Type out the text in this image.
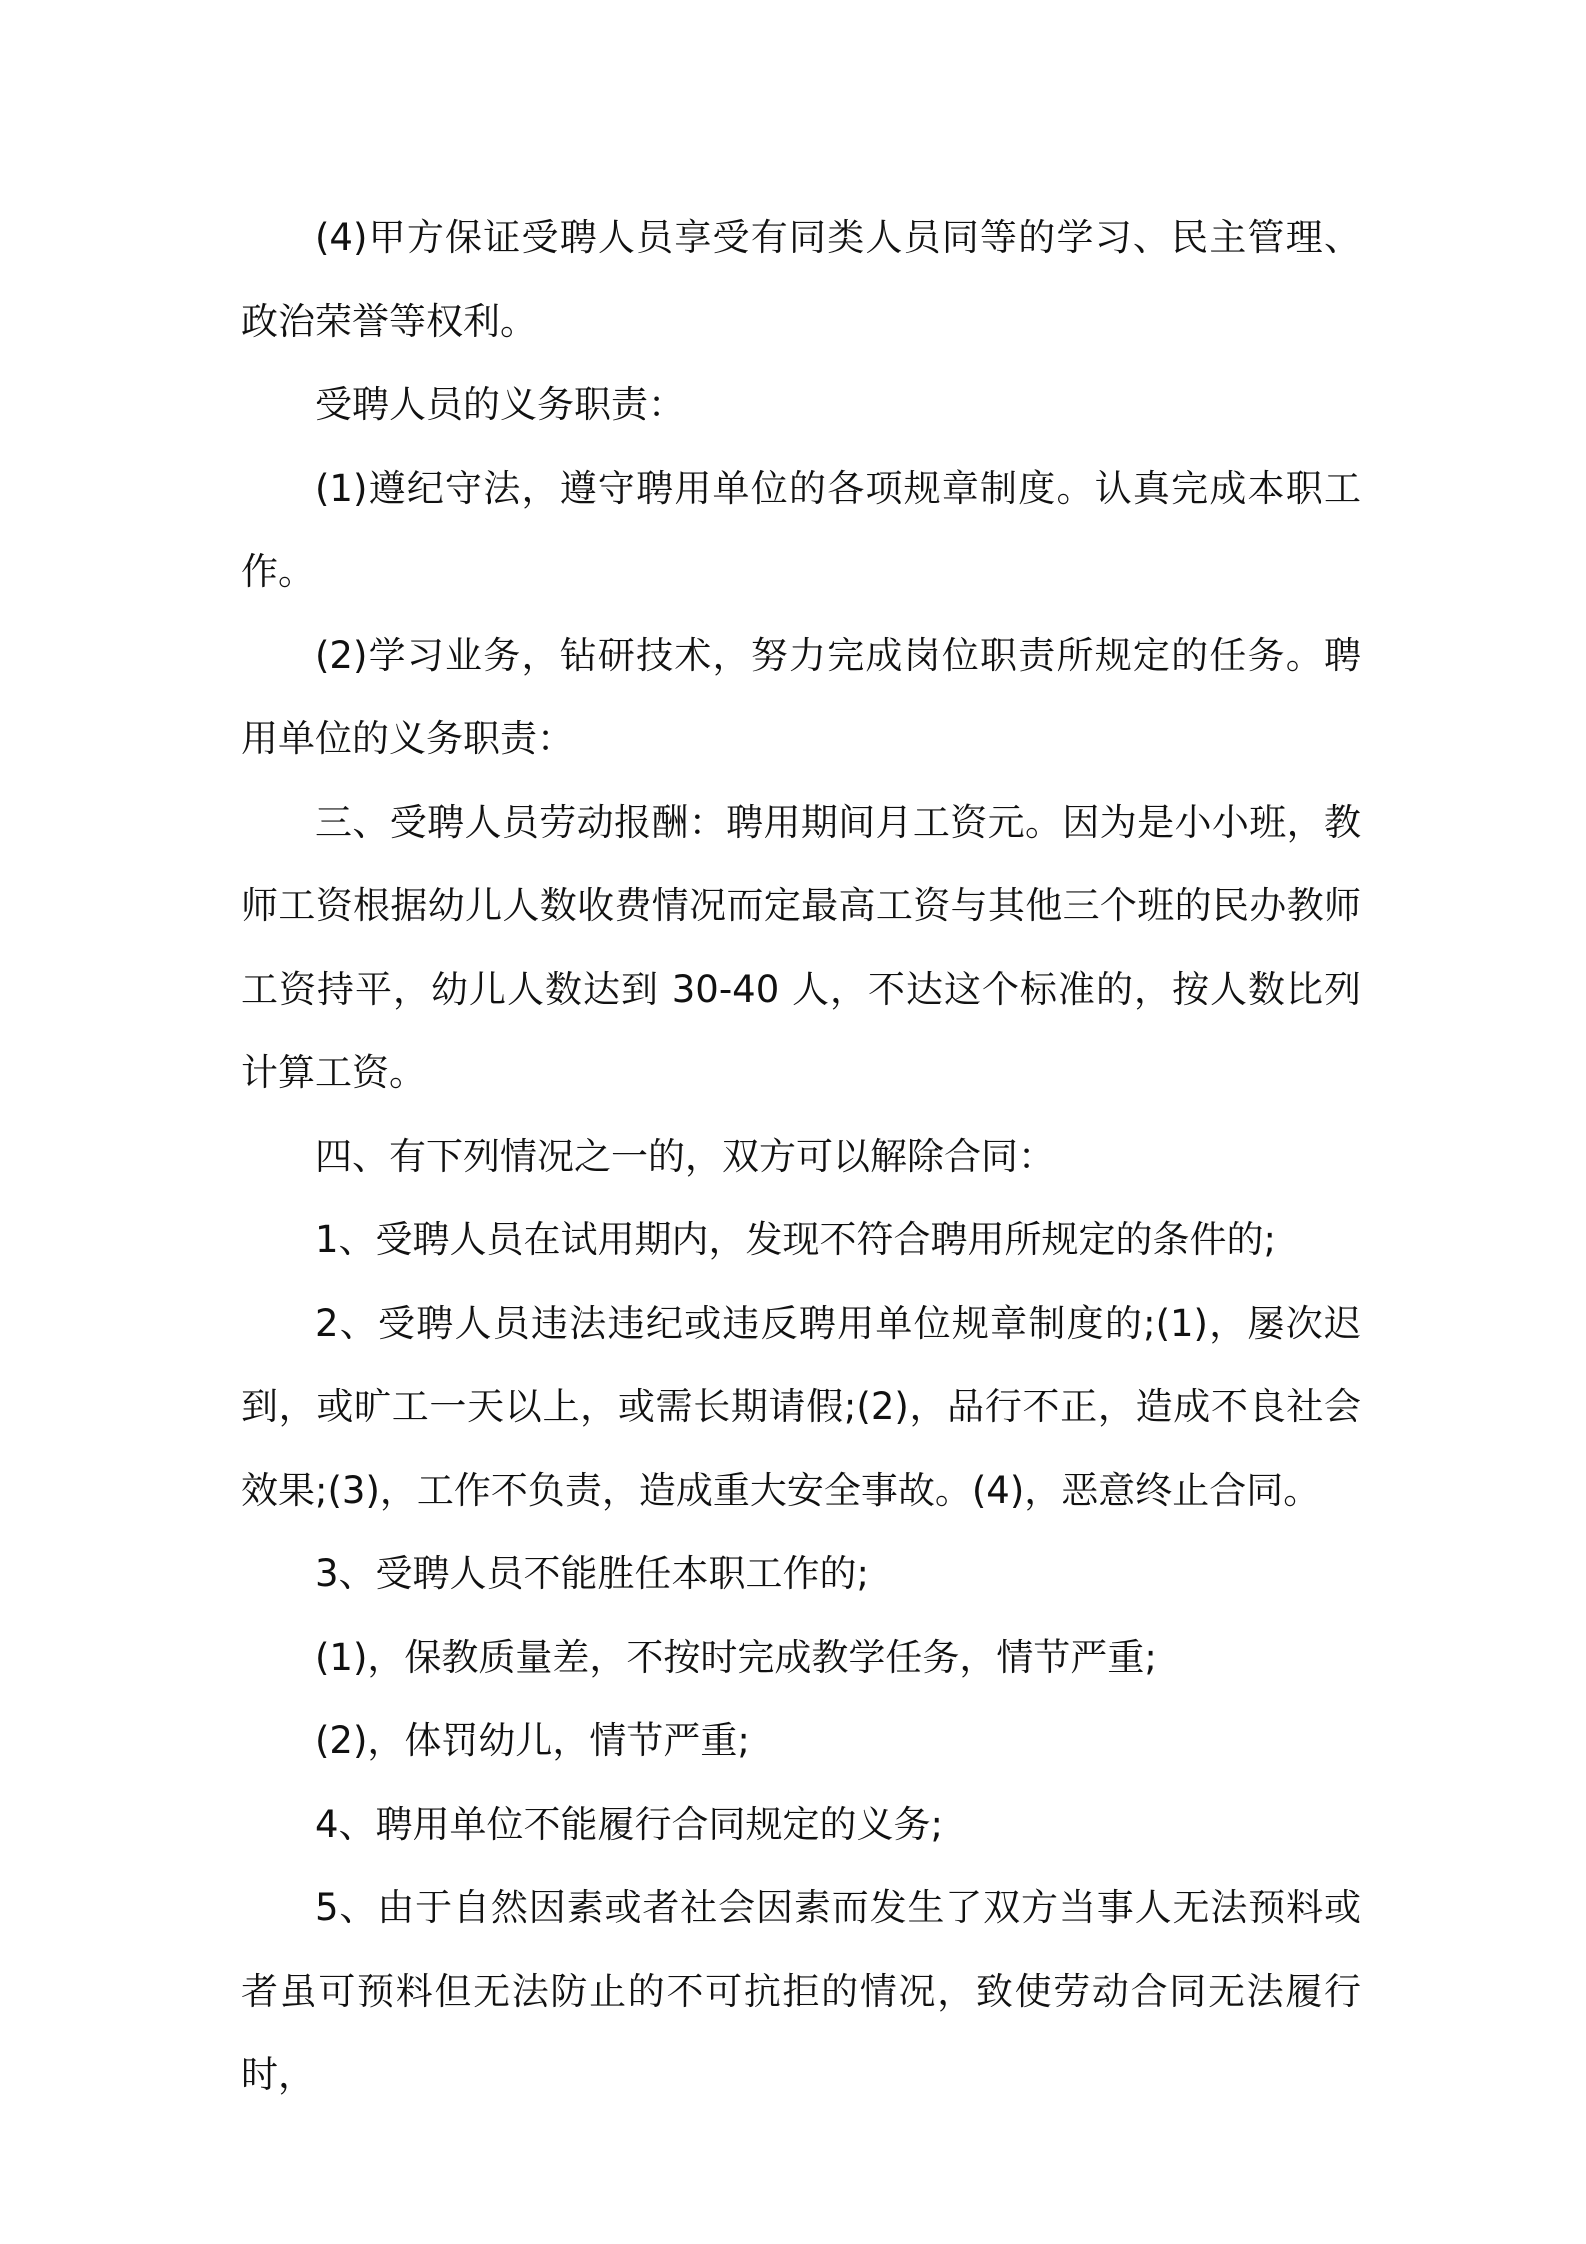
(4)甲方保证受聘人员享受有同类人员同等的学习、民主管理、政治荣誉等权利。

受聘人员的义务职责：

(1)遵纪守法，遵守聘用单位的各项规章制度。认真完成本职工作。

(2)学习业务，钻研技术，努力完成岗位职责所规定的任务。聘用单位的义务职责：

三、受聘人员劳动报酬：聘用期间月工资元。因为是小小班，教师工资根据幼儿人数收费情况而定最高工资与其他三个班的民办教师工资持平，幼儿人数达到 30-40 人，不达这个标准的，按人数比列计算工资。

四、有下列情况之一的，双方可以解除合同：

1、受聘人员在试用期内，发现不符合聘用所规定的条件的;

2、受聘人员违法违纪或违反聘用单位规章制度的;(1)，屡次迟到，或旷工一天以上，或需长期请假;(2)，品行不正，造成不良社会效果;(3)，工作不负责，造成重大安全事故。(4)，恶意终止合同。

3、受聘人员不能胜任本职工作的;

(1)，保教质量差，不按时完成教学任务，情节严重;

(2)，体罚幼儿，情节严重;

4、聘用单位不能履行合同规定的义务;

5、由于自然因素或者社会因素而发生了双方当事人无法预料或者虽可预料但无法防止的不可抗拒的情况，致使劳动合同无法履行时，
